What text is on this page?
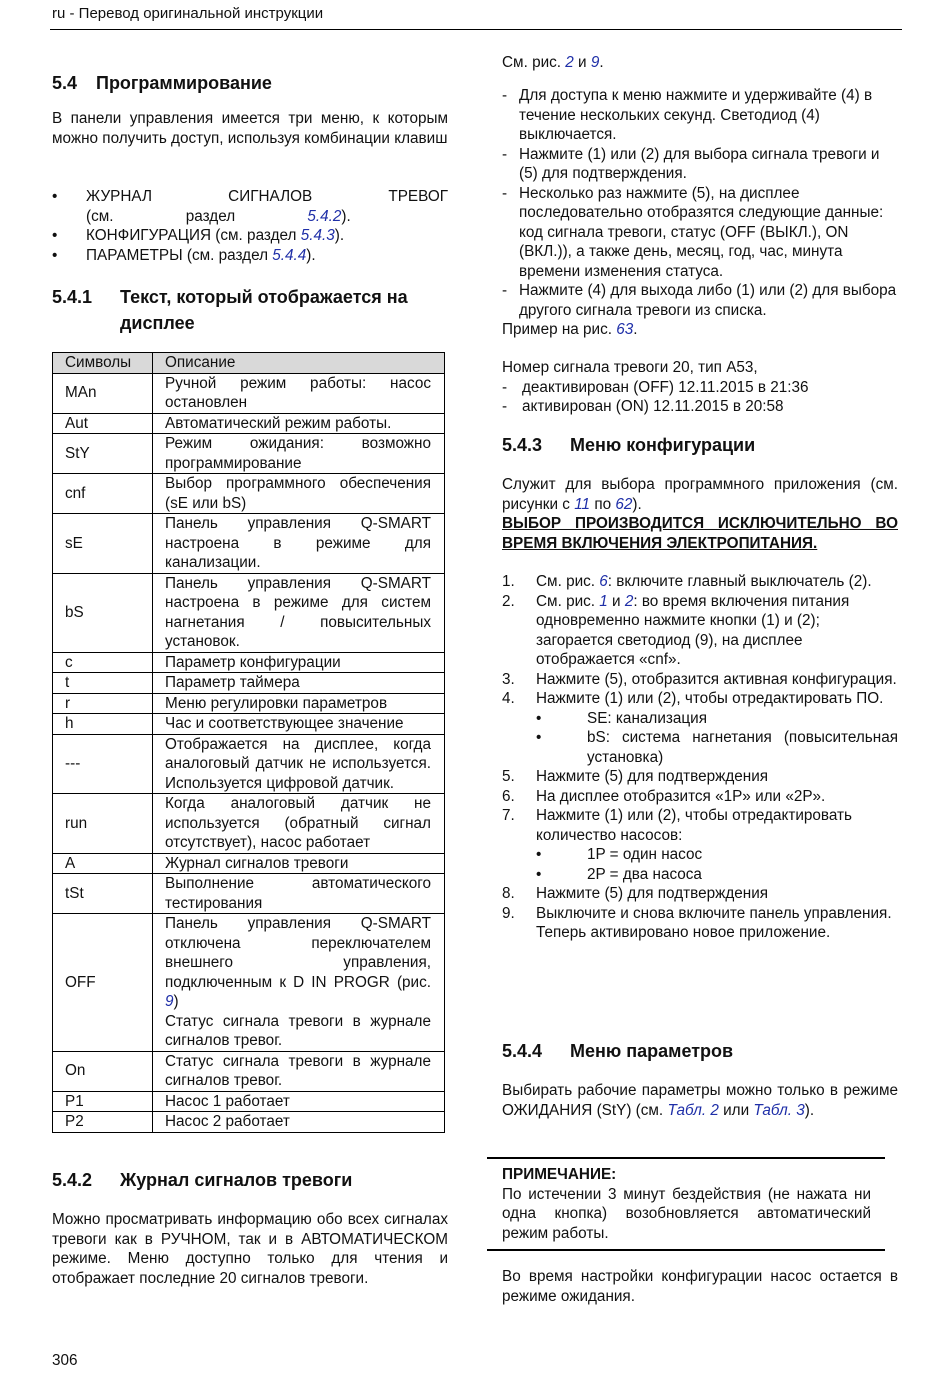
ru - Перевод оригинальной инструкции
5.4 Программирование

В панели управления имеется три меню, к которым можно получить доступ, используя комбинации клавиш

•	ЖУРНАЛ СИГНАЛОВ ТРЕВОГ (см. раздел 5.4.2).
•	КОНФИГУРАЦИЯ (см. раздел 5.4.3).
•	ПАРАМЕТРЫ (см. раздел 5.4.4).
5.4.1	Текст, который отображается на дисплее
Символы	Описание
MAn	Ручной режим работы: насос остановлен
Aut	Автоматический режим работы.
StY	Режим ожидания: возможно программирование
cnf	Выбор программного обеспечения (sE или bS)
sE	Панель управления Q-SMART настроена в режиме для канализации.
bS	Панель управления Q-SMART настроена в режиме для систем нагнетания / повысительных установок.
c	Параметр конфигурации
t	Параметр таймера
r	Меню регулировки параметров
h	Час и соответствующее значение
---	Отображается на дисплее, когда аналоговый датчик не используется. Используется цифровой датчик.
run	Когда аналоговый датчик не используется (обратный сигнал отсутствует), насос работает
A	Журнал сигналов тревоги
tSt	Выполнение автоматического тестирования
OFF	Панель управления Q-SMART отключена переключателем внешнего управления, подключенным к D IN PROGR (рис. 9)
Статус сигнала тревоги в журнале сигналов тревог.
On	Статус сигнала тревоги в журнале сигналов тревог.
P1	Насос 1 работает
P2	Насос 2 работает
5.4.2	Журнал сигналов тревоги

Можно просматривать информацию обо всех сигналах тревоги как в РУЧНОМ, так и в АВТОМАТИЧЕСКОМ режиме. Меню доступно только для чтения и отображает последние 20 сигналов тревоги.

См. рис. 2 и 9.

- Для доступа к меню нажмите и удерживайте (4) в течение нескольких секунд. Светодиод (4) выключается.
- Нажмите (1) или (2) для выбора сигнала тревоги и (5) для подтверждения.
- Несколько раз нажмите (5), на дисплее последовательно отобразятся следующие данные: код сигнала тревоги, статус (OFF (ВЫКЛ.), ON (ВКЛ.)), а также день, месяц, год, час, минута времени изменения статуса.
- Нажмите (4) для выхода либо (1) или (2) для выбора другого сигнала тревоги из списка.
Пример на рис. 63.
Номер сигнала тревоги 20, тип A53,
- деактивирован (OFF) 12.11.2015 в 21:36
- активирован (ON) 12.11.2015 в 20:58
5.4.3	Меню конфигурации

Служит для выбора программного приложения (см. рисунки с 11 по 62).

ВЫБОР ПРОИЗВОДИТСЯ ИСКЛЮЧИТЕЛЬНО ВО ВРЕМЯ ВКЛЮЧЕНИЯ ЭЛЕКТРОПИТАНИЯ.

1.	См. рис. 6: включите главный выключатель (2).
2.	См. рис. 1 и 2: во время включения питания одновременно нажмите кнопки (1) и (2); загорается светодиод (9), на дисплее отображается «cnf».
3.	Нажмите (5), отобразится активная конфигурация.
4.	Нажмите (1) или (2), чтобы отредактировать ПО.
•	SE: канализация
•	bS: система нагнетания (повысительная установка)
5.	Нажмите (5) для подтверждения
6.	На дисплее отобразится «1P» или «2P».
7.	Нажмите (1) или (2), чтобы отредактировать количество насосов:
•	1P = один насос
•	2P = два насоса
8.	Нажмите (5) для подтверждения
9.	Выключите и снова включите панель управления. Теперь активировано новое приложение.
5.4.4	Меню параметров

Выбирать рабочие параметры можно только в режиме ОЖИДАНИЯ (StY) (см. Табл. 2 или Табл. 3).

Во время настройки конфигурации насос остается в режиме ожидания.

ПРИМЕЧАНИЕ:
По истечении 3 минут бездействия (не нажата ни одна кнопка) возобновляется автоматический режим работы.
306
